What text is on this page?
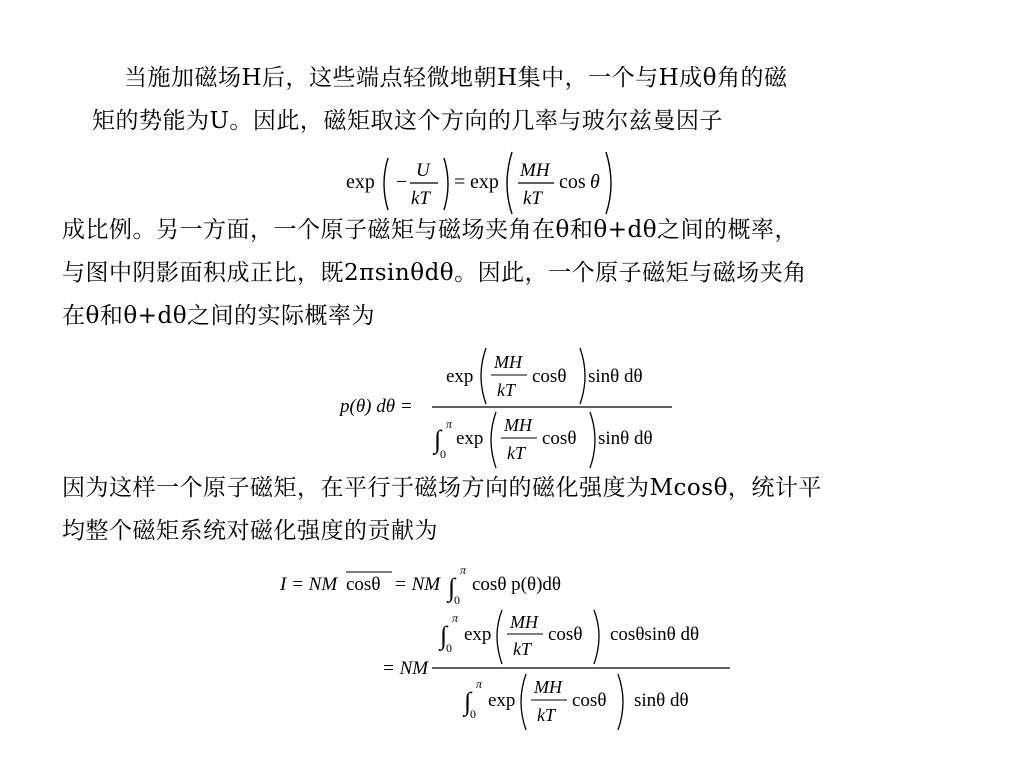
当施加磁场H后，这些端点轻微地朝H集中，一个与H成θ角的磁

矩的势能为U。因此，磁矩取这个方向的几率与玻尔兹曼因子

exp −
U
kT
= exp
MH
kT
cos θ

成比例。另一方面，一个原子磁矩与磁场夹角在θ和θ+dθ之间的概率，

与图中阴影面积成正比，既2πsinθdθ。因此，一个原子磁矩与磁场夹角

在θ和θ+dθ之间的实际概率为

p(θ) dθ =
exp
MH
kT
cosθ sinθ dθ
∫
π
0
exp
MH
kT
cosθ sinθ dθ

因为这样一个原子磁矩，在平行于磁场方向的磁化强度为Mcosθ，统计平

均整个磁矩系统对磁化强度的贡献为

I = NM cosθ = NM ∫
π
0
cosθ p(θ)dθ
= NM
∫
π
0
exp
MH
kT
cosθ cosθsinθ dθ
∫
π
0
exp
MH
kT
cosθ sinθ dθ
